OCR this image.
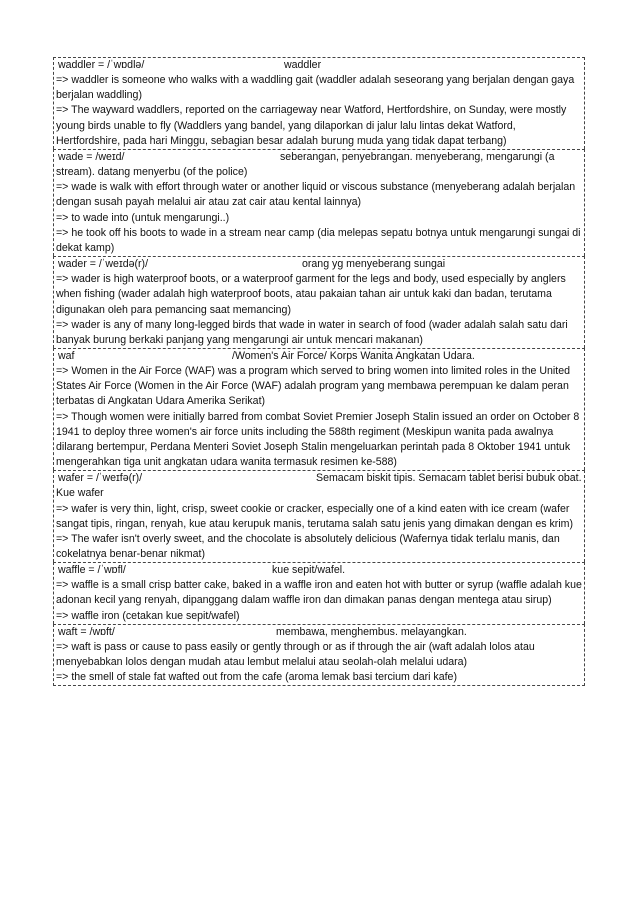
waddler = /ˈwɒdlə/	waddler
=> waddler is someone who walks with a waddling gait (waddler adalah seseorang yang berjalan dengan gaya berjalan waddling)
=> The wayward waddlers, reported on the carriageway near Watford, Hertfordshire, on Sunday, were mostly young birds unable to fly (Waddlers yang bandel, yang dilaporkan di jalur lalu lintas dekat Watford, Hertfordshire, pada hari Minggu, sebagian besar adalah burung muda yang tidak dapat terbang)
wade = /weɪd/	seberangan, penyebrangan. menyeberang, mengarungi (a stream). datang menyerbu (of the police)
=> wade is walk with effort through water or another liquid or viscous substance (menyeberang adalah berjalan dengan susah payah melalui air atau zat cair atau kental lainnya)
=> to wade into (untuk mengarungi..)
=> he took off his boots to wade in a stream near camp (dia melepas sepatu botnya untuk mengarungi sungai di dekat kamp)
wader = /ˈweɪdə(r)/	orang yg menyeberang sungai
=> wader is high waterproof boots, or a waterproof garment for the legs and body, used especially by anglers when fishing (wader adalah high waterproof boots, atau pakaian tahan air untuk kaki dan badan, terutama digunakan oleh para pemancing saat memancing)
=> wader is any of many long-legged birds that wade in water in search of food (wader adalah salah satu dari banyak burung berkaki panjang yang mengarungi air untuk mencari makanan)
waf	/Women's Air Force/ Korps Wanita Angkatan Udara.
=> Women in the Air Force (WAF) was a program which served to bring women into limited roles in the United States Air Force (Women in the Air Force (WAF) adalah program yang membawa perempuan ke dalam peran terbatas di Angkatan Udara Amerika Serikat)
=> Though women were initially barred from combat Soviet Premier Joseph Stalin issued an order on October 8 1941 to deploy three women's air force units including the 588th regiment (Meskipun wanita pada awalnya dilarang bertempur, Perdana Menteri Soviet Joseph Stalin mengeluarkan perintah pada 8 Oktober 1941 untuk mengerahkan tiga unit angkatan udara wanita termasuk resimen ke-588)
wafer = /ˈweɪfə(r)/	Semacam biskit tipis. Semacam tablet berisi bubuk obat. Kue wafer
=> wafer is very thin, light, crisp, sweet cookie or cracker, especially one of a kind eaten with ice cream (wafer sangat tipis, ringan, renyah, kue atau kerupuk manis, terutama salah satu jenis yang dimakan dengan es krim)
=> The wafer isn't overly sweet, and the chocolate is absolutely delicious (Wafernya tidak terlalu manis, dan cokelatnya benar-benar nikmat)
waffle = /ˈwɒfl/	kue sepit/wafel.
=> waffle is a small crisp batter cake, baked in a waffle iron and eaten hot with butter or syrup (waffle adalah kue adonan kecil yang renyah, dipanggang dalam waffle iron dan dimakan panas dengan mentega atau sirup)
=> waffle iron (cetakan kue sepit/wafel)
waft = /wɒft/	membawa, menghembus. melayangkan.
=> waft is pass or cause to pass easily or gently through or as if through the air (waft adalah lolos atau menyebabkan lolos dengan mudah atau lembut melalui atau seolah-olah melalui udara)
=> the smell of stale fat wafted out from the cafe (aroma lemak basi tercium dari kafe)
